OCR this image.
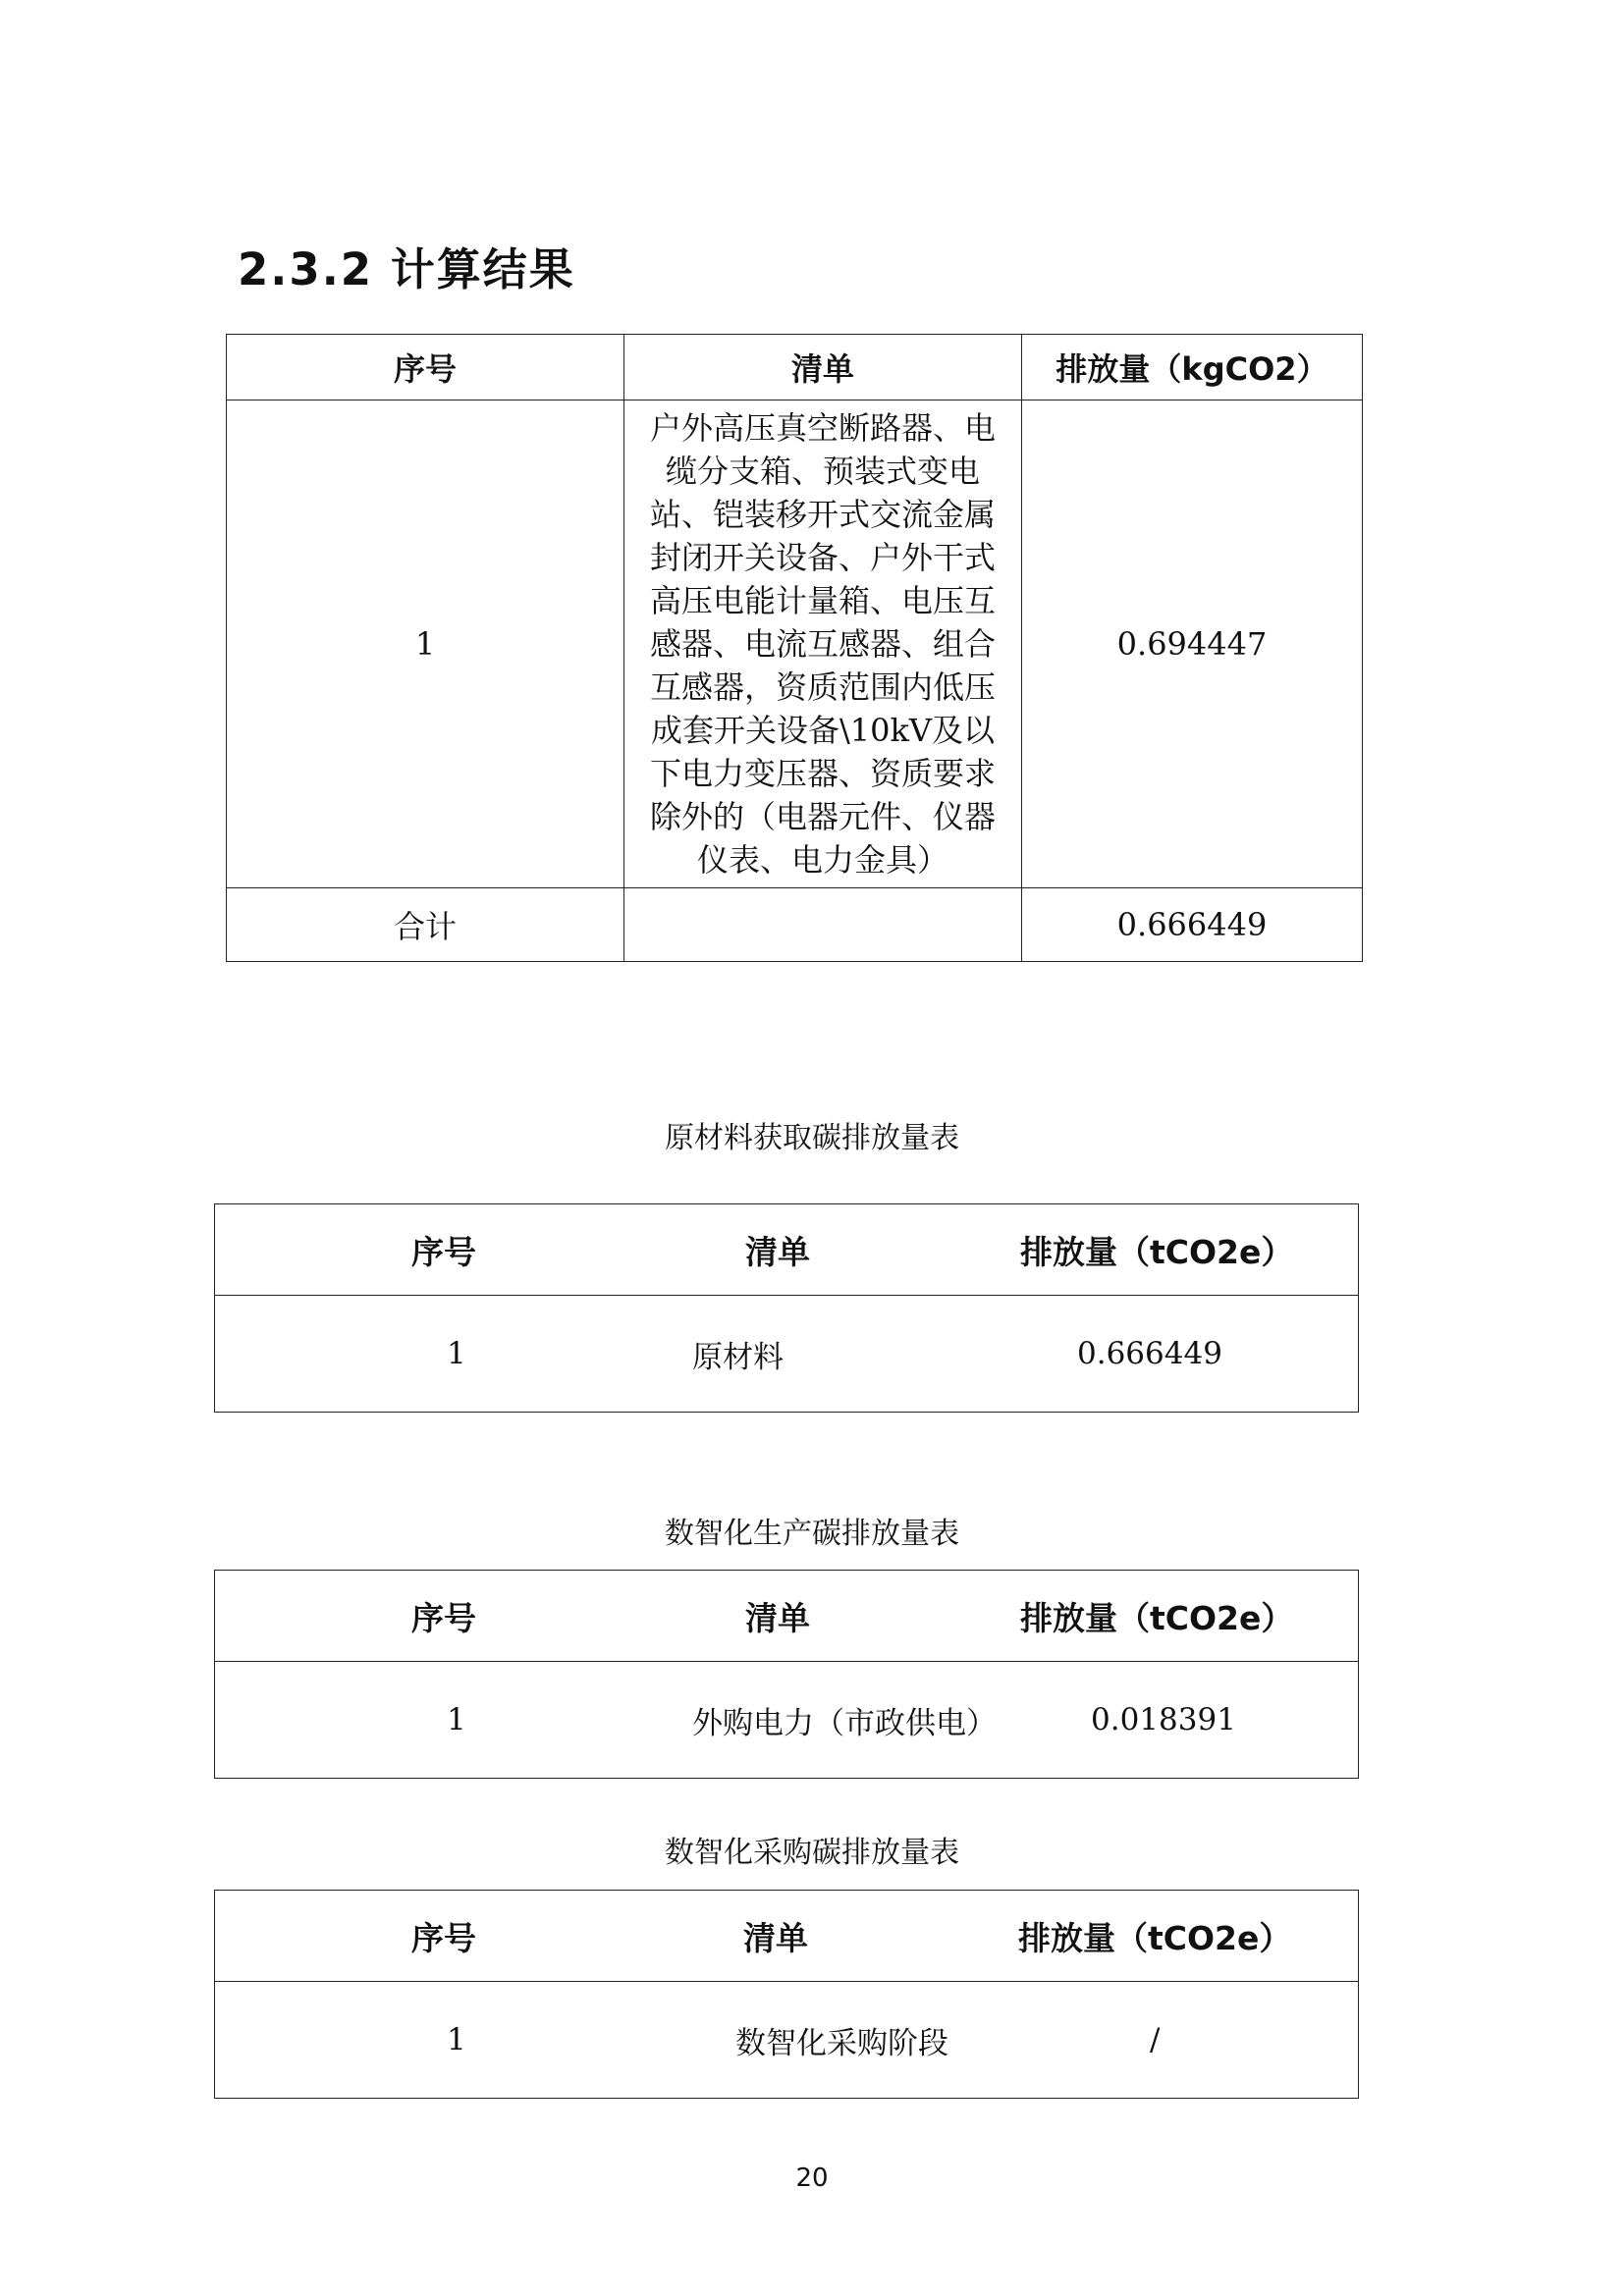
2.3.2 计算结果
序号	清单	排放量（kgCO2）
1	户外高压真空断路器、电缆分支箱、预装式变电站、铠装移开式交流金属封闭开关设备、户外干式高压电能计量箱、电压互感器、电流互感器、组合互感器，资质范围内低压成套开关设备\10kV及以下电力变压器、资质要求除外的（电器元件、仪器仪表、电力金具）	0.694447
合计		0.666449
原材料获取碳排放量表
序号	清单	排放量（tCO2e）

1	原材料	0.666449
数智化生产碳排放量表
序号	清单	排放量（tCO2e）

1	外购电力（市政供电）	0.018391
数智化采购碳排放量表
序号	清单	排放量（tCO2e）

1	数智化采购阶段	/
20
